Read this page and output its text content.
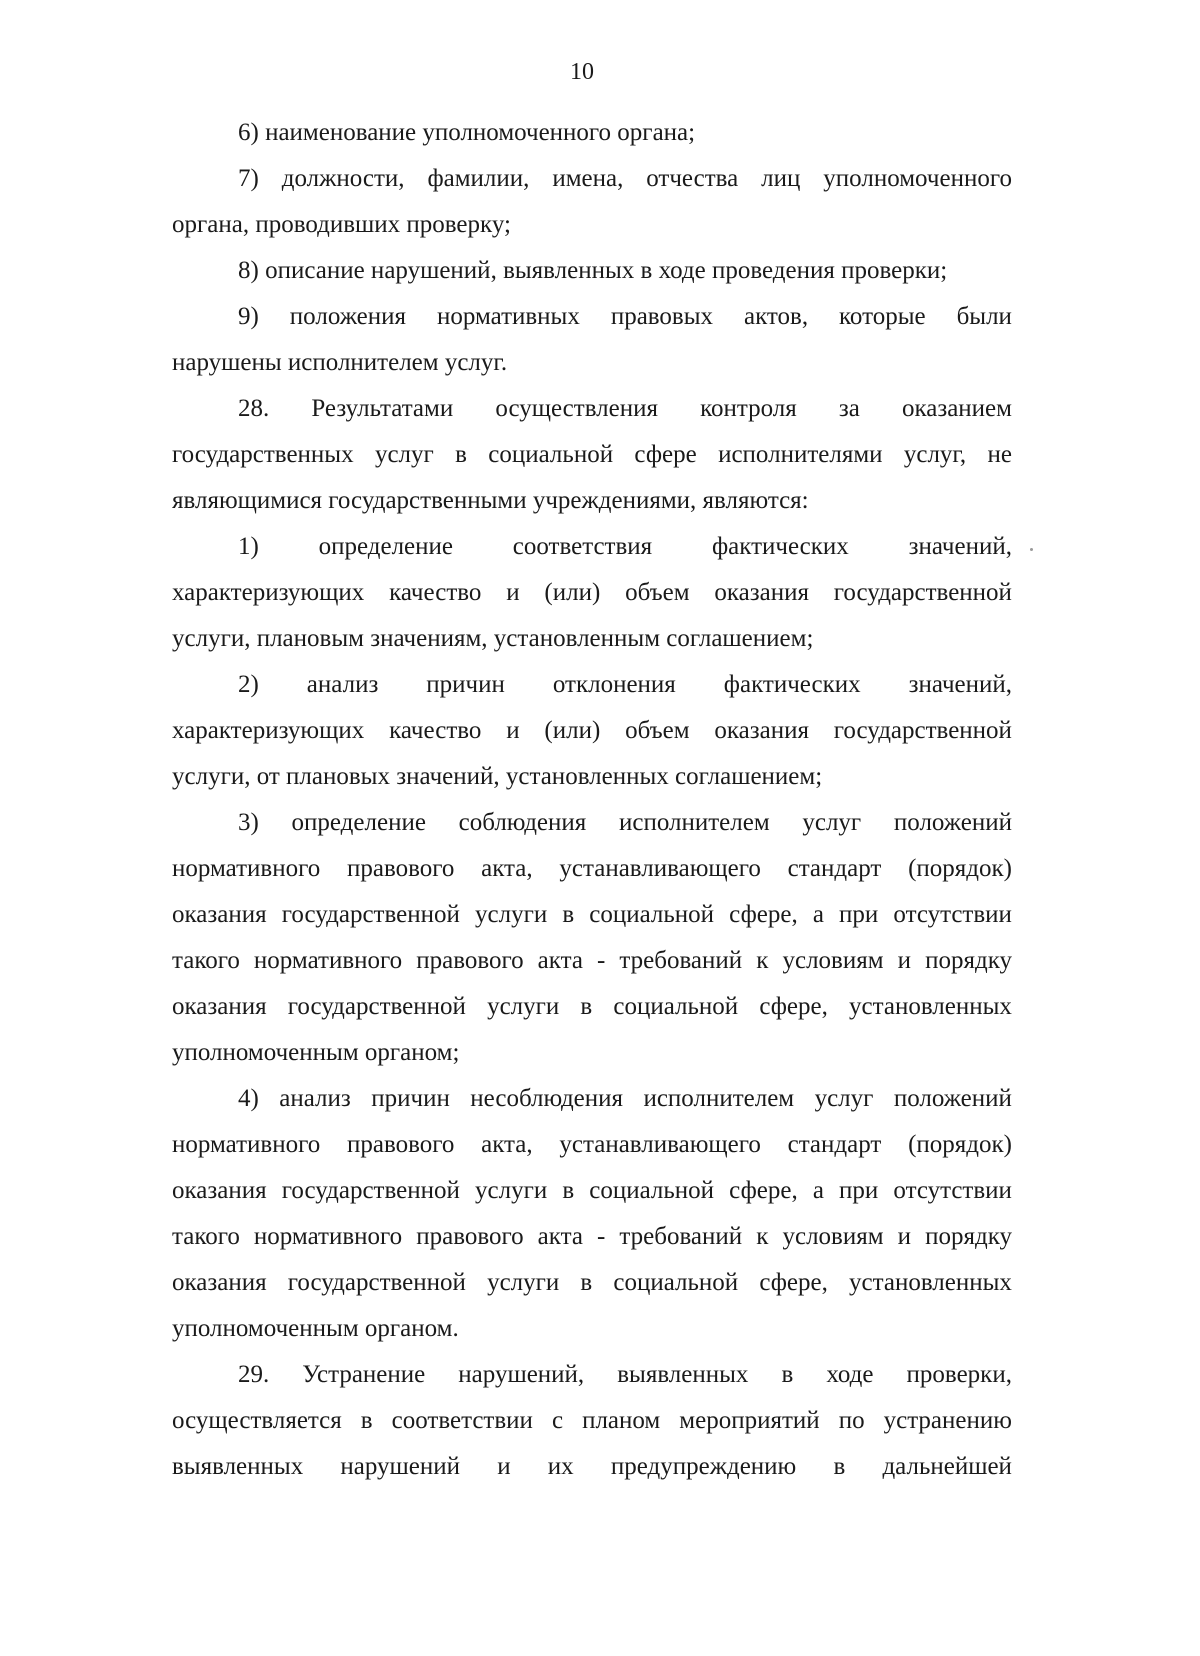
10
6) наименование уполномоченного органа;
7) должности, фамилии, имена, отчества лиц уполномоченного
органа, проводивших проверку;
8) описание нарушений, выявленных в ходе проведения проверки;
9) положения нормативных правовых актов, которые были
нарушены исполнителем услуг.
28. Результатами осуществления контроля за оказанием
государственных услуг в социальной сфере исполнителями услуг, не
являющимися государственными учреждениями, являются:
1) определение соответствия фактических значений,
характеризующих качество и (или) объем оказания государственной
услуги, плановым значениям, установленным соглашением;
2) анализ причин отклонения фактических значений,
характеризующих качество и (или) объем оказания государственной
услуги, от плановых значений, установленных соглашением;
3) определение соблюдения исполнителем услуг положений
нормативного правового акта, устанавливающего стандарт (порядок)
оказания государственной услуги в социальной сфере, а при отсутствии
такого нормативного правового акта - требований к условиям и порядку
оказания государственной услуги в социальной сфере, установленных
уполномоченным органом;
4) анализ причин несоблюдения исполнителем услуг положений
нормативного правового акта, устанавливающего стандарт (порядок)
оказания государственной услуги в социальной сфере, а при отсутствии
такого нормативного правового акта - требований к условиям и порядку
оказания государственной услуги в социальной сфере, установленных
уполномоченным органом.
29. Устранение нарушений, выявленных в ходе проверки,
осуществляется в соответствии с планом мероприятий по устранению
выявленных нарушений и их предупреждению в дальнейшей
